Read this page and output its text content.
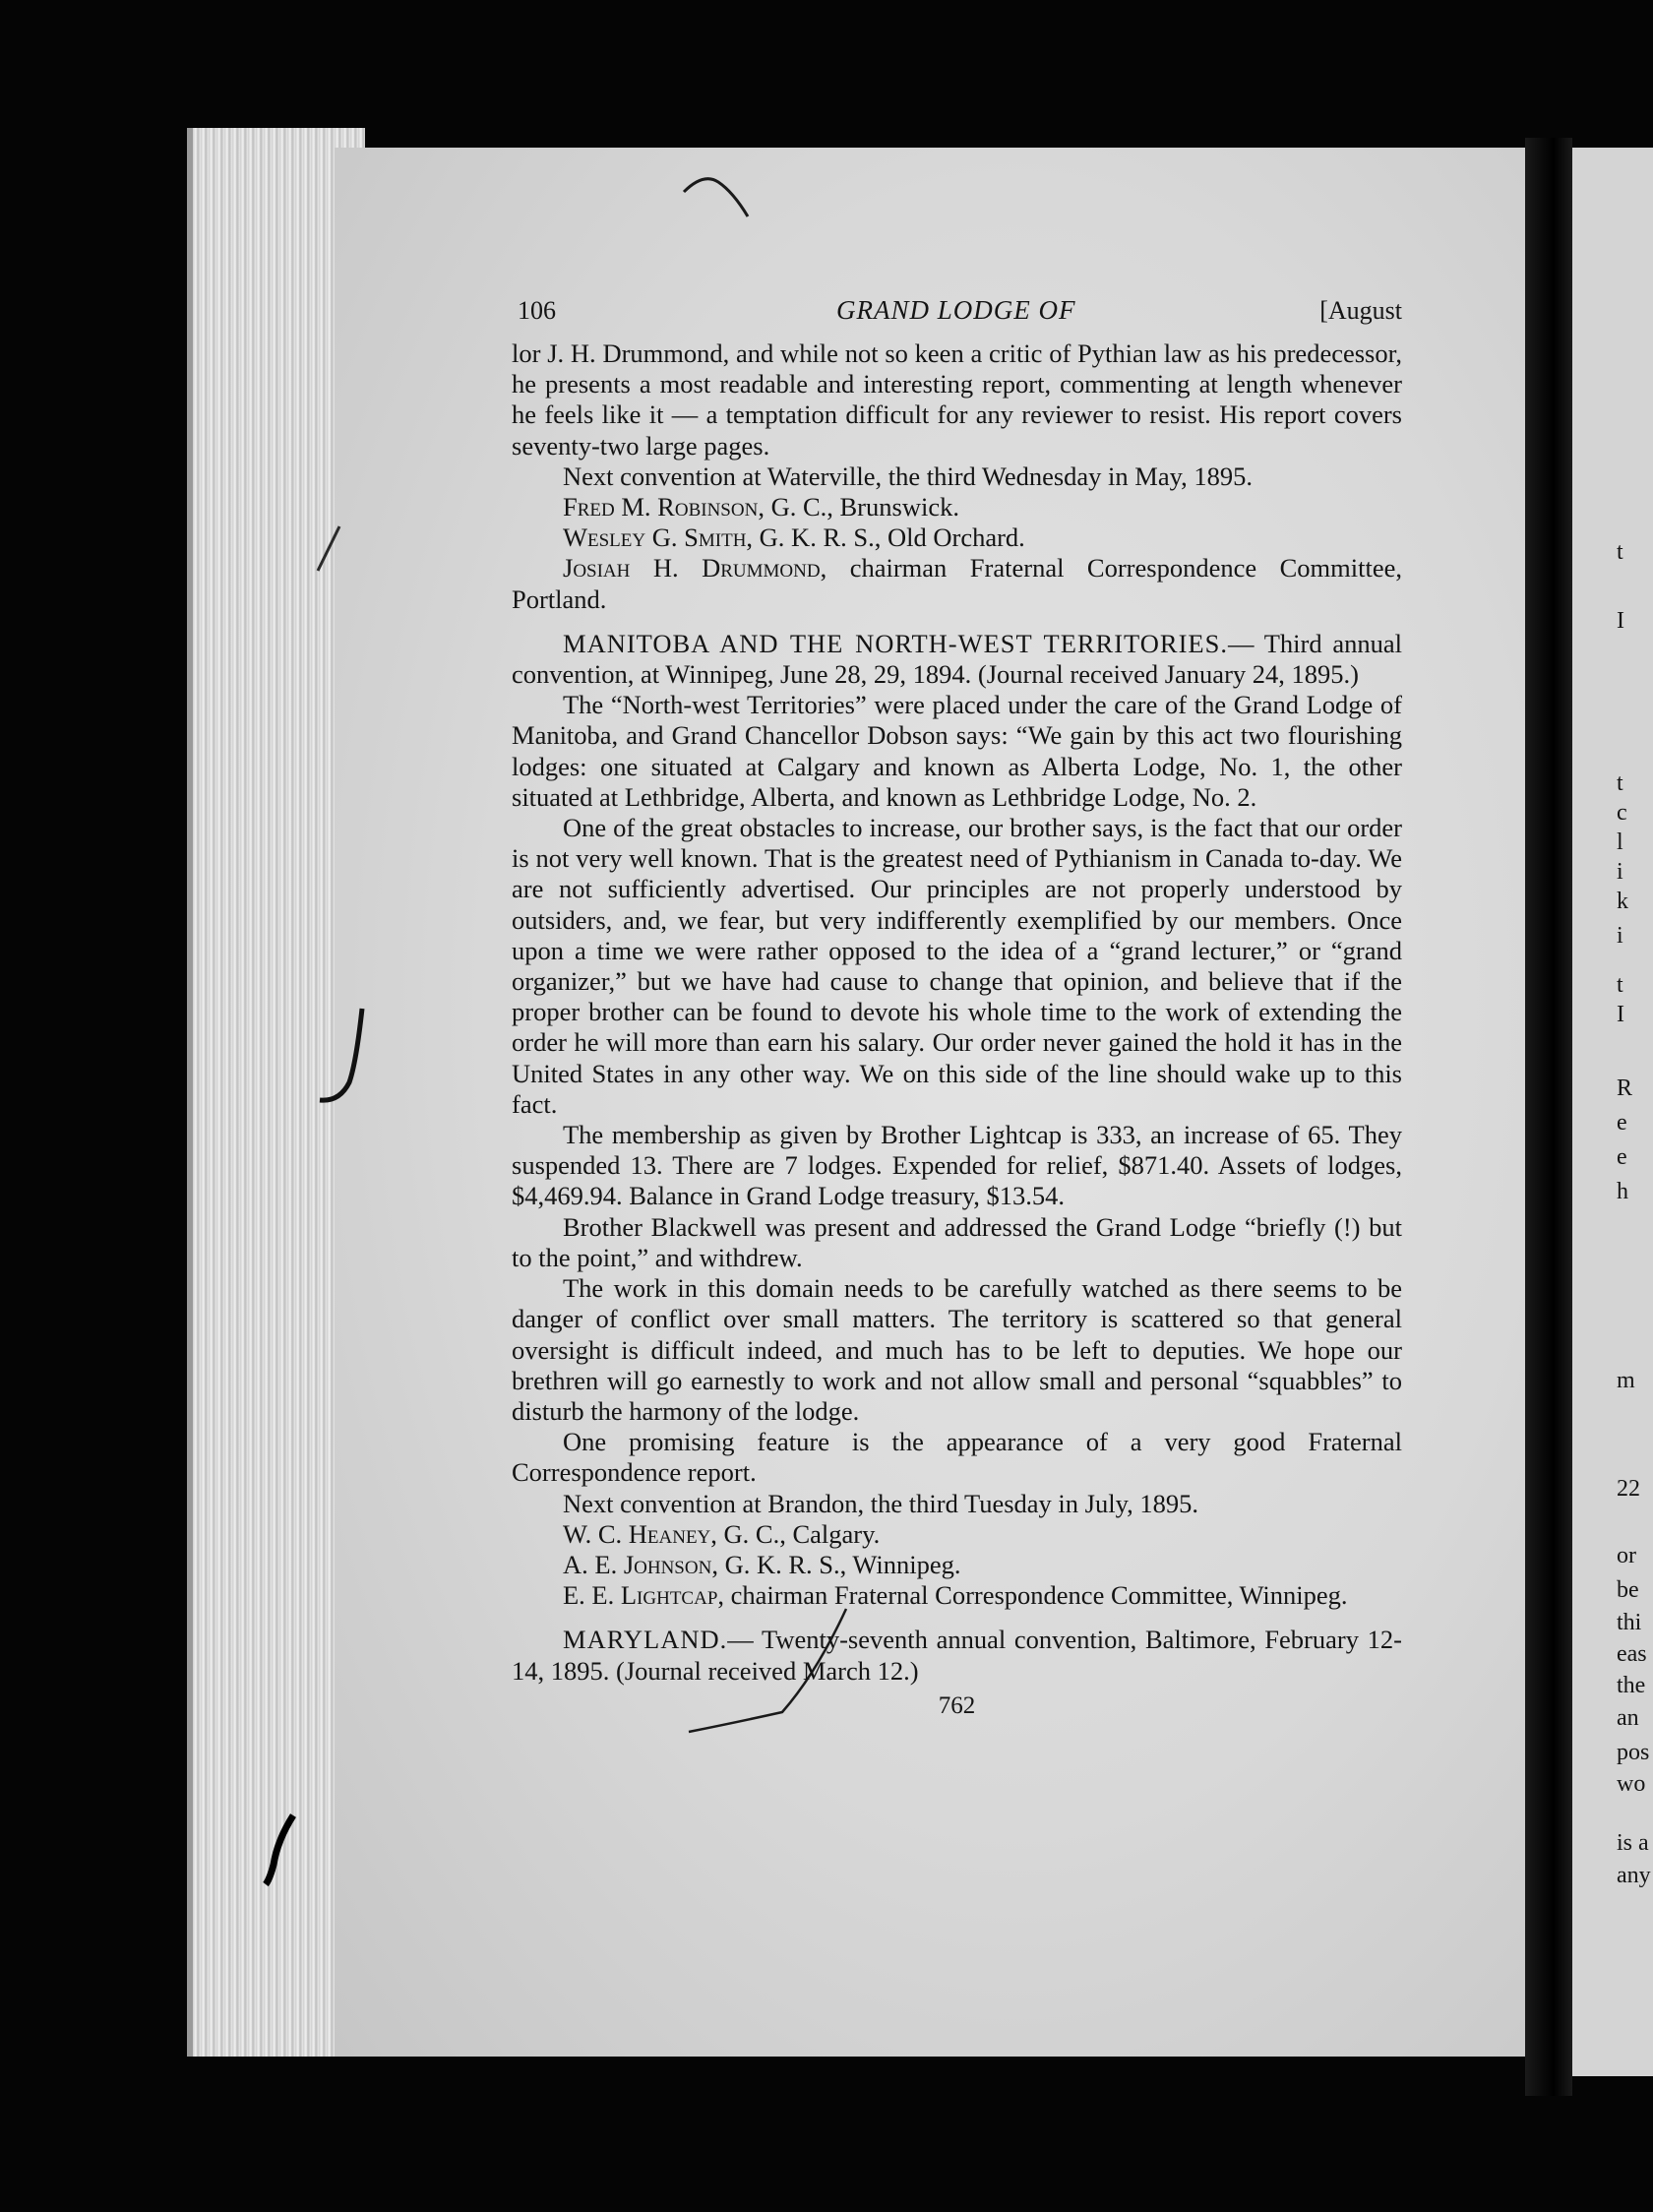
t
I
t
c
l
i
k
i
t
I
R
e
e
h
m
22
or
be
thi
eas
the
an
pos
wo
is a
any
106	GRAND LODGE OF	[August

lor J. H. Drummond, and while not so keen a critic of Pythian law as his predecessor, he presents a most readable and interesting report, commenting at length whenever he feels like it — a temptation difficult for any reviewer to resist. His report covers seventy-two large pages.

Next convention at Waterville, the third Wednesday in May, 1895.

Fred M. Robinson, G. C., Brunswick.

Wesley G. Smith, G. K. R. S., Old Orchard.

Josiah H. Drummond, chairman Fraternal Correspondence Committee, Portland.

MANITOBA AND THE NORTH-WEST TERRITORIES.— Third annual convention, at Winnipeg, June 28, 29, 1894. (Journal received January 24, 1895.)

The “North-west Territories” were placed under the care of the Grand Lodge of Manitoba, and Grand Chancellor Dobson says: “We gain by this act two flourishing lodges: one situated at Calgary and known as Alberta Lodge, No. 1, the other situated at Lethbridge, Alberta, and known as Lethbridge Lodge, No. 2.

One of the great obstacles to increase, our brother says, is the fact that our order is not very well known. That is the greatest need of Pythianism in Canada to-day. We are not sufficiently advertised. Our principles are not properly understood by outsiders, and, we fear, but very indifferently exemplified by our members. Once upon a time we were rather opposed to the idea of a “grand lecturer,” or “grand organizer,” but we have had cause to change that opinion, and believe that if the proper brother can be found to devote his whole time to the work of extending the order he will more than earn his salary. Our order never gained the hold it has in the United States in any other way. We on this side of the line should wake up to this fact.

The membership as given by Brother Lightcap is 333, an increase of 65. They suspended 13. There are 7 lodges. Expended for relief, $871.40. Assets of lodges, $4,469.94. Balance in Grand Lodge treasury, $13.54.

Brother Blackwell was present and addressed the Grand Lodge “briefly (!) but to the point,” and withdrew.

The work in this domain needs to be carefully watched as there seems to be danger of conflict over small matters. The territory is scattered so that general oversight is difficult indeed, and much has to be left to deputies. We hope our brethren will go earnestly to work and not allow small and personal “squabbles” to disturb the harmony of the lodge.

One promising feature is the appearance of a very good Fraternal Correspondence report.

Next convention at Brandon, the third Tuesday in July, 1895.

W. C. Heaney, G. C., Calgary.

A. E. Johnson, G. K. R. S., Winnipeg.

E. E. Lightcap, chairman Fraternal Correspondence Committee, Winnipeg.

MARYLAND.— Twenty-seventh annual convention, Baltimore, February 12-14, 1895. (Journal received March 12.)

762
